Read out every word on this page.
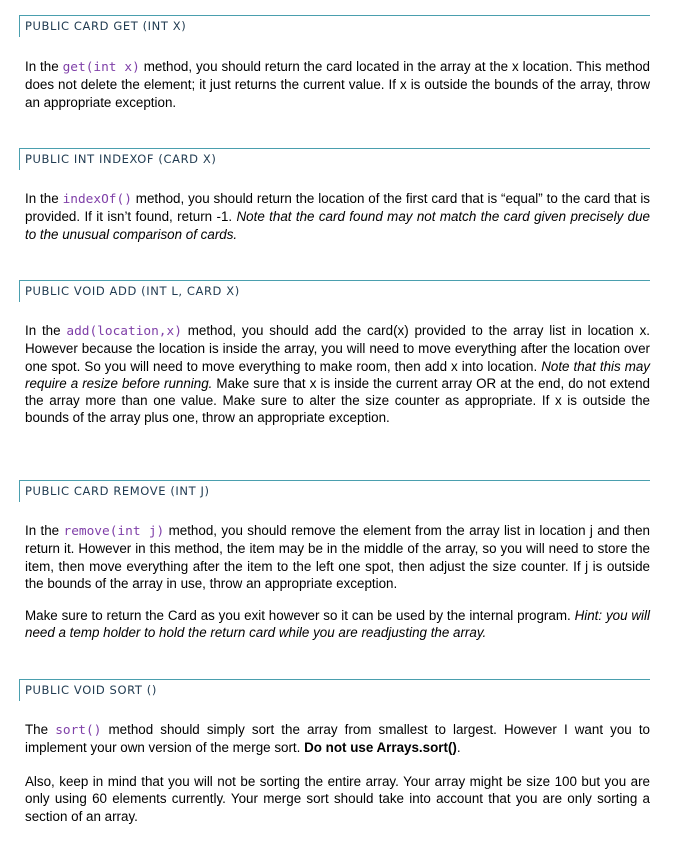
PUBLIC CARD GET (INT X)

In the get(int x) method, you should return the card located in the array at the x location. This method does not delete the element; it just returns the current value. If x is outside the bounds of the array, throw an appropriate exception.

PUBLIC INT INDEXOF (CARD X)

In the indexOf() method, you should return the location of the first card that is “equal” to the card that is provided. If it isn’t found, return -1. Note that the card found may not match the card given precisely due to the unusual comparison of cards.

PUBLIC VOID ADD (INT L, CARD X)

In the add(location,x) method, you should add the card(x) provided to the array list in location x. However because the location is inside the array, you will need to move everything after the location over one spot. So you will need to move everything to make room, then add x into location. Note that this may require a resize before running. Make sure that x is inside the current array OR at the end, do not extend the array more than one value. Make sure to alter the size counter as appropriate. If x is outside the bounds of the array plus one, throw an appropriate exception.

PUBLIC CARD REMOVE (INT J)

In the remove(int j) method, you should remove the element from the array list in location j and then return it. However in this method, the item may be in the middle of the array, so you will need to store the item, then move everything after the item to the left one spot, then adjust the size counter. If j is outside the bounds of the array in use, throw an appropriate exception.

Make sure to return the Card as you exit however so it can be used by the internal program. Hint: you will need a temp holder to hold the return card while you are readjusting the array.

PUBLIC VOID SORT ()

The sort() method should simply sort the array from smallest to largest. However I want you to implement your own version of the merge sort. Do not use Arrays.sort().

Also, keep in mind that you will not be sorting the entire array. Your array might be size 100 but you are only using 60 elements currently. Your merge sort should take into account that you are only sorting a section of an array.
